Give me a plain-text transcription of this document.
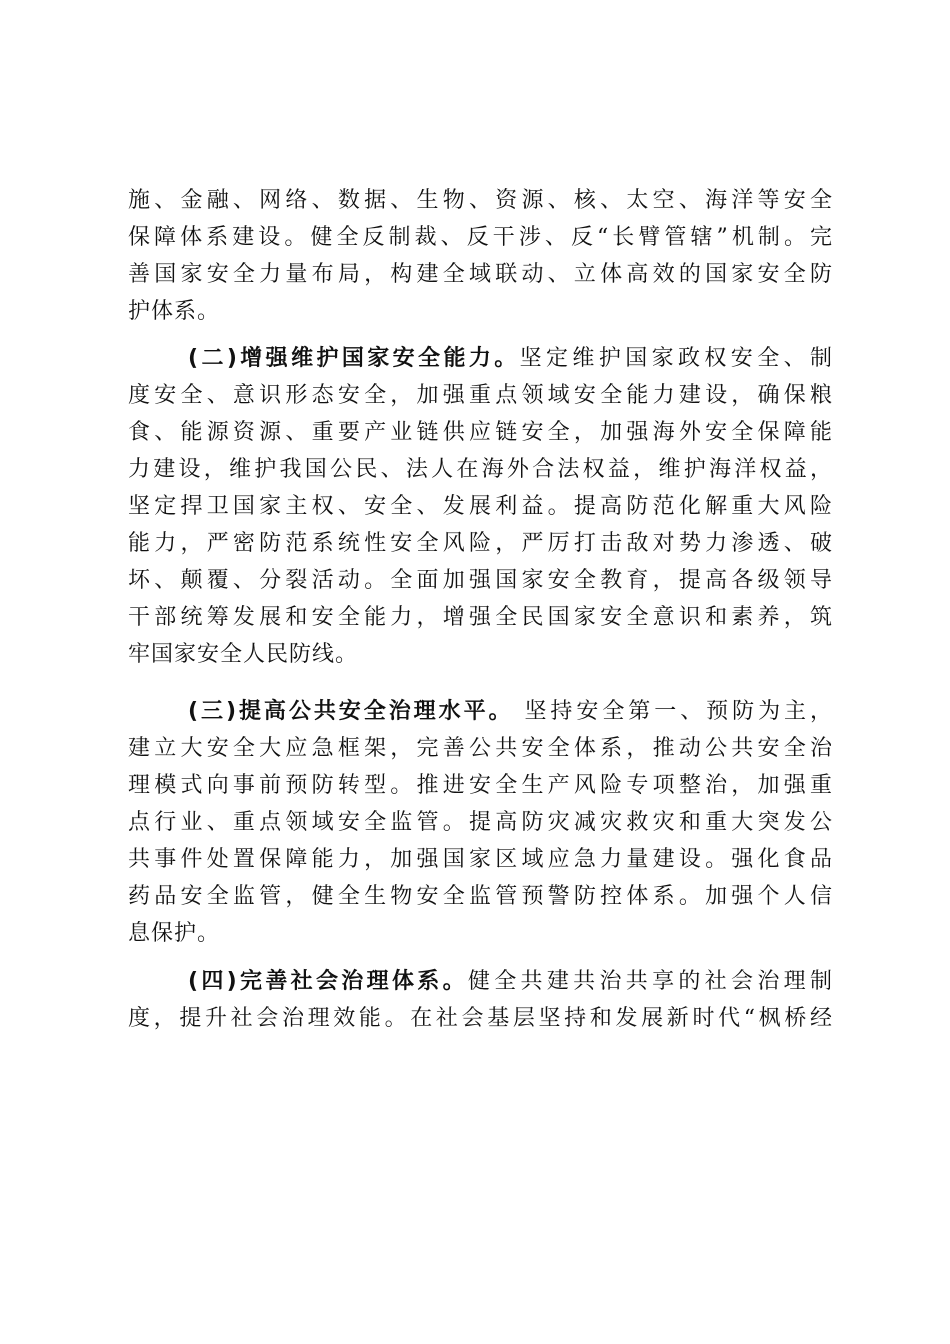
施、金融、网络、数据、生物、资源、核、太空、海洋等安全
保障体系建设。健全反制裁、反干涉、反“长臂管辖”机制。完
善国家安全力量布局，构建全域联动、立体高效的国家安全防
护体系。
(二)增强维护国家安全能力。坚定维护国家政权安全、制
度安全、意识形态安全，加强重点领域安全能力建设，确保粮
食、能源资源、重要产业链供应链安全，加强海外安全保障能
力建设，维护我国公民、法人在海外合法权益，维护海洋权益，
坚定捍卫国家主权、安全、发展利益。提高防范化解重大风险
能力，严密防范系统性安全风险，严厉打击敌对势力渗透、破
坏、颠覆、分裂活动。全面加强国家安全教育，提高各级领导
干部统筹发展和安全能力，增强全民国家安全意识和素养，筑
牢国家安全人民防线。
(三)提高公共安全治理水平。 坚持安全第一、预防为主，
建立大安全大应急框架，完善公共安全体系，推动公共安全治
理模式向事前预防转型。推进安全生产风险专项整治，加强重
点行业、重点领域安全监管。提高防灾减灾救灾和重大突发公
共事件处置保障能力，加强国家区域应急力量建设。强化食品
药品安全监管，健全生物安全监管预警防控体系。加强个人信
息保护。
(四)完善社会治理体系。健全共建共治共享的社会治理制
度，提升社会治理效能。在社会基层坚持和发展新时代“枫桥经
